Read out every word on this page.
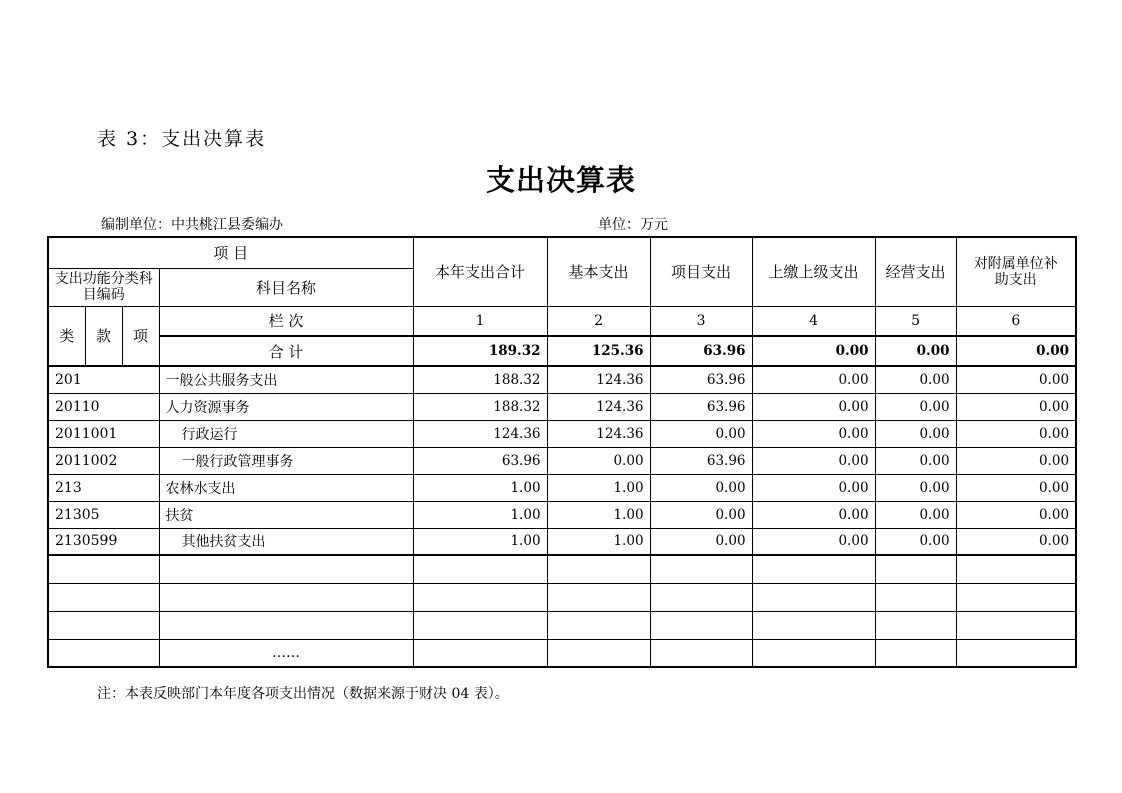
表 3：支出决算表
支出决算表
编制单位：中共桃江县委编办	单位：万元
项 目				本年支出合计	基本支出	项目支出	上缴上级支出	经营支出	对附属单位补助支出
支出功能分类科目编码			科目名称						
类	款	项	栏 次	1	2	3	4	5	6
			合 计	189.32	125.36	63.96	0.00	0.00	0.00
201			一般公共服务支出	188.32	124.36	63.96	0.00	0.00	0.00
20110			人力资源事务	188.32	124.36	63.96	0.00	0.00	0.00
2011001			行政运行	124.36	124.36	0.00	0.00	0.00	0.00
2011002			一般行政管理事务	63.96	0.00	63.96	0.00	0.00	0.00
213			农林水支出	1.00	1.00	0.00	0.00	0.00	0.00
21305			扶贫	1.00	1.00	0.00	0.00	0.00	0.00
2130599			其他扶贫支出	1.00	1.00	0.00	0.00	0.00	0.00

			……						
注：本表反映部门本年度各项支出情况（数据来源于财决 04 表）。
